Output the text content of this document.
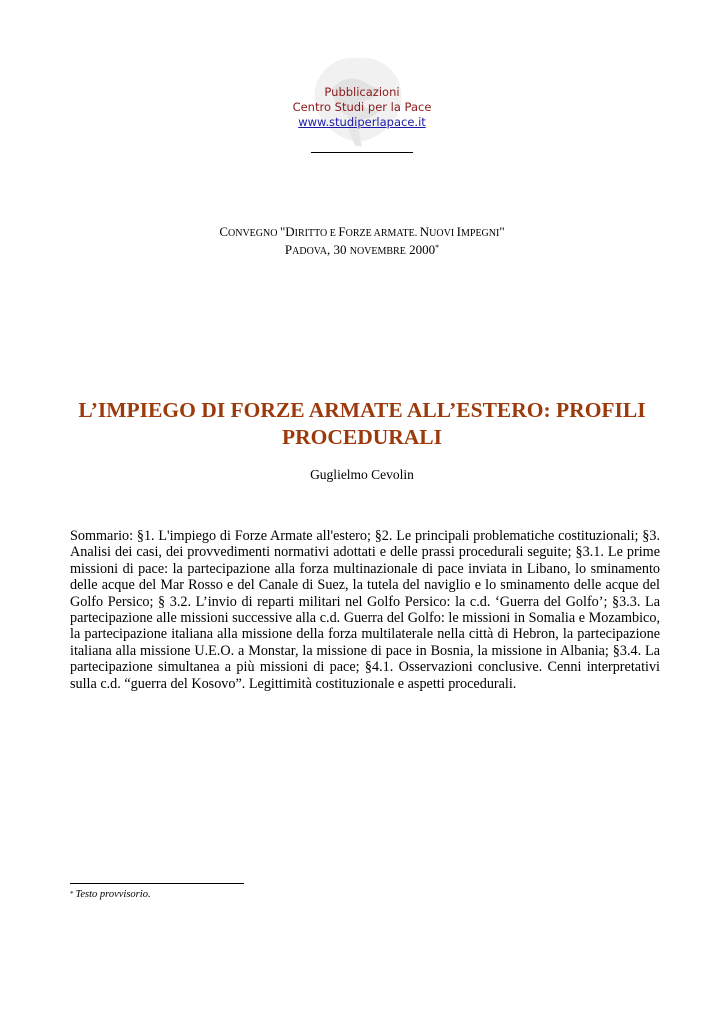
Pubblicazioni
Centro Studi per la Pace
www.studiperlapace.it
CONVEGNO "DIRITTO E FORZE ARMATE. NUOVI IMPEGNI"
PADOVA, 30 NOVEMBRE 2000*
L’IMPIEGO DI FORZE ARMATE ALL’ESTERO: PROFILI PROCEDURALI
Guglielmo Cevolin
Sommario: §1. L'impiego di Forze Armate all'estero; §2. Le principali problematiche costituzionali; §3. Analisi dei casi, dei provvedimenti normativi adottati e delle prassi procedurali seguite; §3.1. Le prime missioni di pace: la partecipazione alla forza multinazionale di pace inviata in Libano, lo sminamento delle acque del Mar Rosso e del Canale di Suez, la tutela del naviglio e lo sminamento delle acque del Golfo Persico; § 3.2. L’invio di reparti militari nel Golfo Persico: la c.d. ‘Guerra del Golfo’; §3.3. La partecipazione alle missioni successive alla c.d. Guerra del Golfo: le missioni in Somalia e Mozambico, la partecipazione italiana alla missione della forza multilaterale nella città di Hebron, la partecipazione italiana alla missione U.E.O. a Monstar, la missione di pace in Bosnia, la missione in Albania; §3.4. La partecipazione simultanea a più missioni di pace; §4.1. Osservazioni conclusive. Cenni interpretativi sulla c.d. “guerra del Kosovo”. Legittimità costituzionale e aspetti procedurali.
* Testo provvisorio.
